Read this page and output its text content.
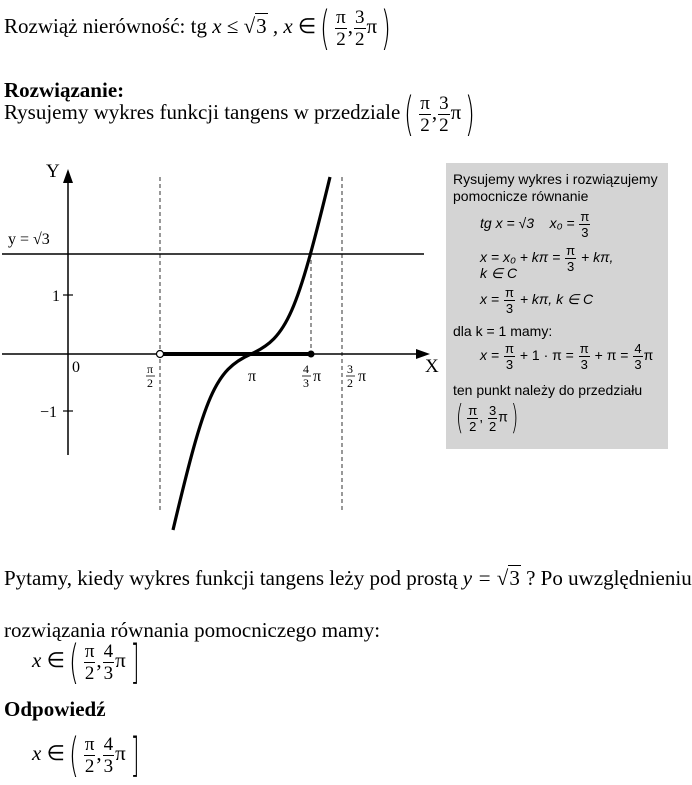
Rozwiąż nierówność: tg x ≤ √3 , x ∈( $\frac{\pi}{2}$ , $\frac{3}{2} \pi$)
Rozwiązanie:
Rysujemy wykres funkcji tangens w przedziale( $\frac{\pi}{2}$ , $\frac{3}{2} \pi$)
Y
X
y = √3
1
−1
0
π
π
2
4
3 π 3
2 π
Rysujemy wykres i rozwiązujemy
pomocnicze równanie
tg x = √3 $x_0 = \frac{\pi}{3}$
$x = x_0 + k\pi = \frac{\pi}{3} + k\pi$,
k ∈ C
$x = \frac{\pi}{3} + k\pi$, k ∈ C
dla k = 1 mamy:
$x = \frac{\pi}{3} + 1 \cdot \pi = \frac{\pi}{3} + \pi = \frac{4}{3}$ π
ten punkt należy do przedziału
( $\frac{\pi}{2}$ , $\frac{3}{2} \pi$)
Pytamy, kiedy wykres funkcji tangens leży pod prostą y = √3 ? Po uwzględnieniu
rozwiązania równania pomocniczego mamy:
x ∈( $\frac{\pi}{2}$ , $\frac{4}{3} \pi$]
Odpowiedź
x ∈( $\frac{\pi}{2}$ , $\frac{4}{3} \pi$]
